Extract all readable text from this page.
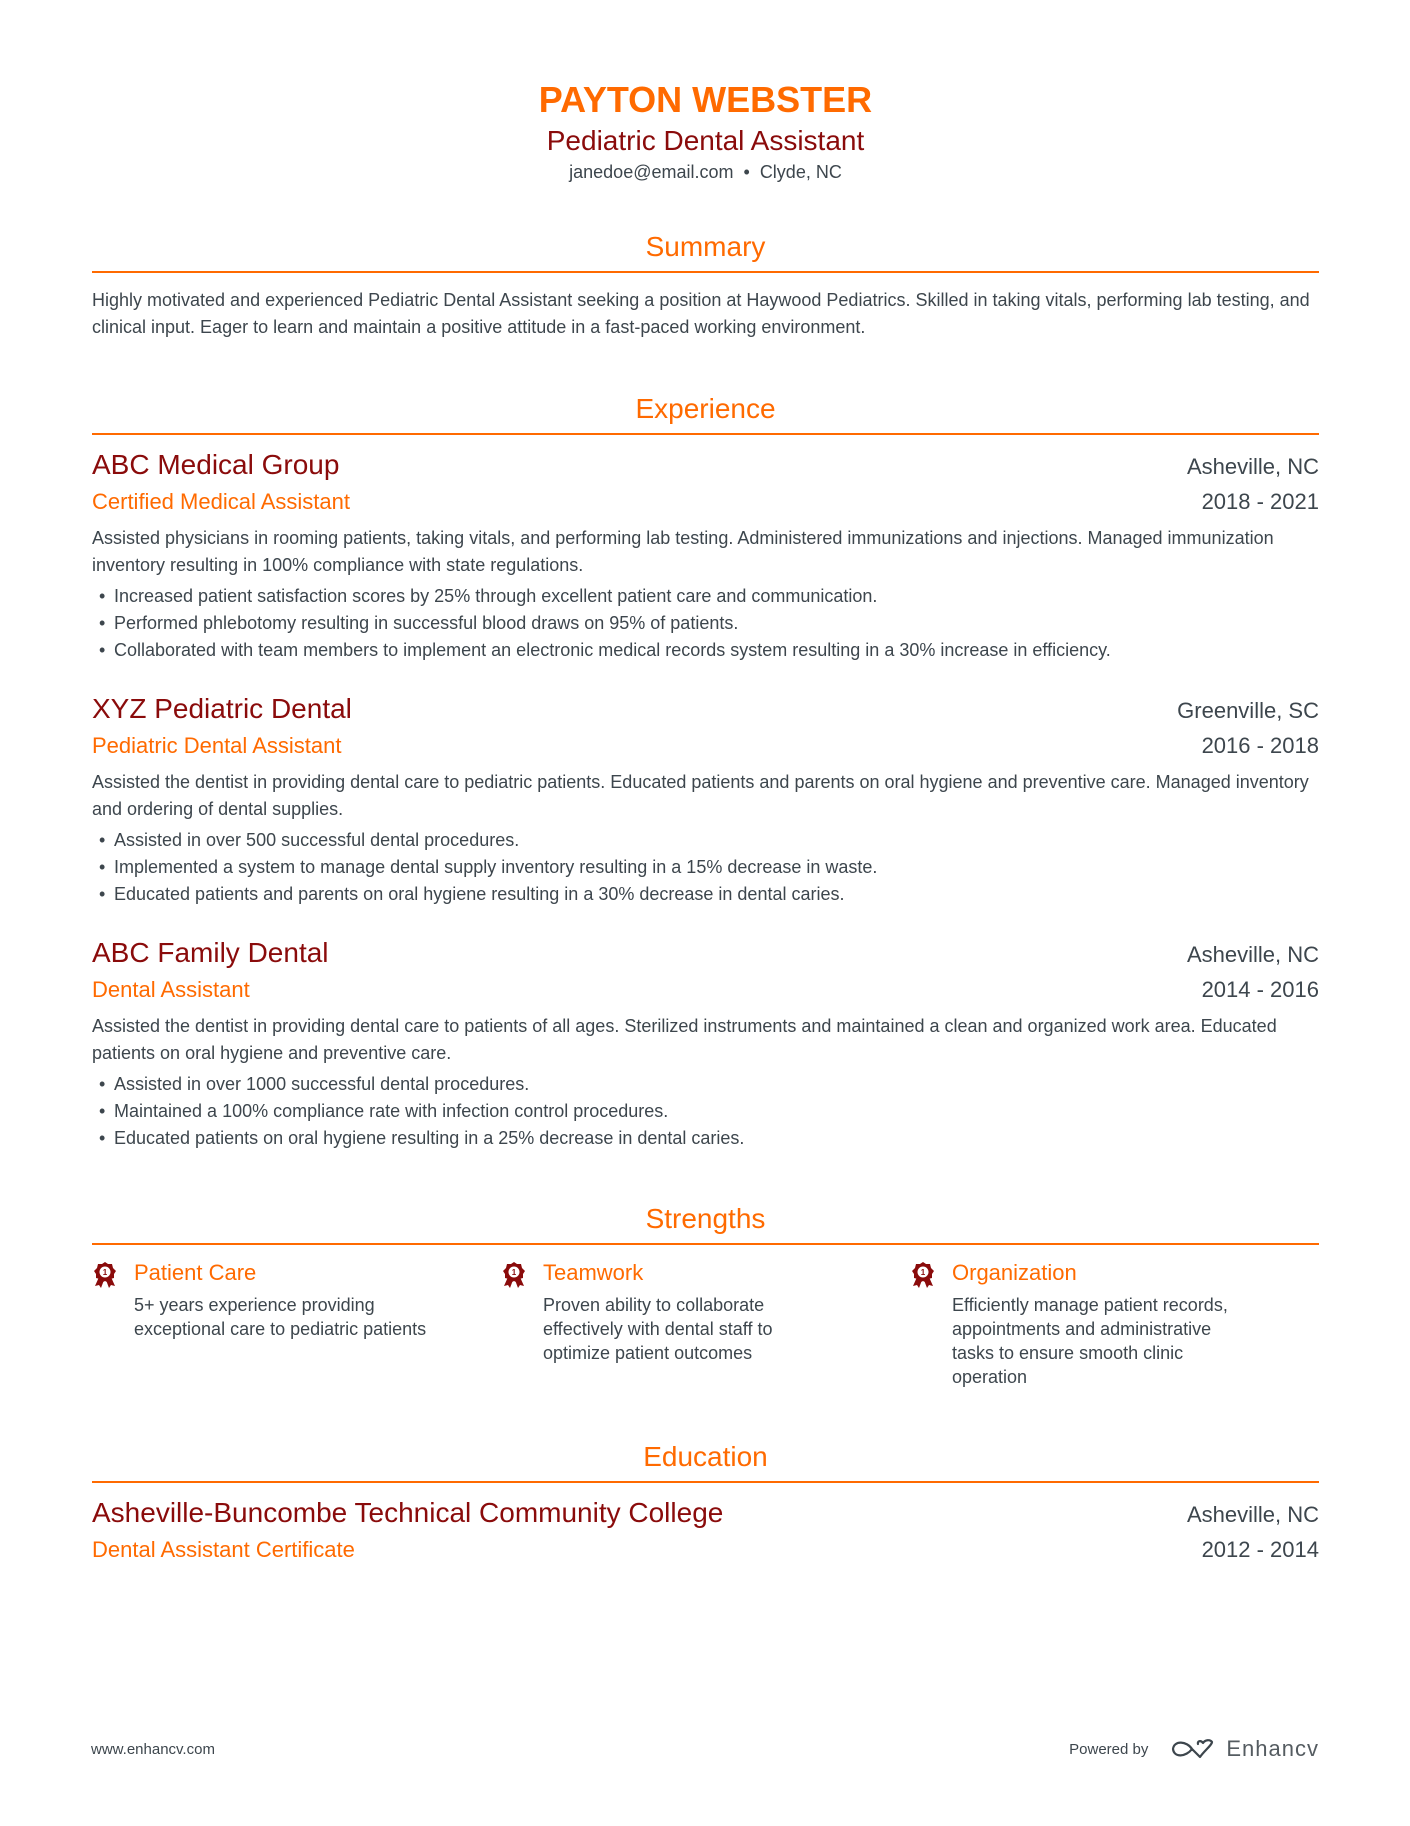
PAYTON WEBSTER
Pediatric Dental Assistant
janedoe@email.com • Clyde, NC
Summary
Highly motivated and experienced Pediatric Dental Assistant seeking a position at Haywood Pediatrics. Skilled in taking vitals, performing lab testing, and clinical input. Eager to learn and maintain a positive attitude in a fast-paced working environment.
Experience
ABC Medical Group	Asheville, NC
Certified Medical Assistant	2018 - 2021
Assisted physicians in rooming patients, taking vitals, and performing lab testing. Administered immunizations and injections. Managed immunization inventory resulting in 100% compliance with state regulations.
• Increased patient satisfaction scores by 25% through excellent patient care and communication.
• Performed phlebotomy resulting in successful blood draws on 95% of patients.
• Collaborated with team members to implement an electronic medical records system resulting in a 30% increase in efficiency.
XYZ Pediatric Dental	Greenville, SC
Pediatric Dental Assistant	2016 - 2018
Assisted the dentist in providing dental care to pediatric patients. Educated patients and parents on oral hygiene and preventive care. Managed inventory and ordering of dental supplies.
• Assisted in over 500 successful dental procedures.
• Implemented a system to manage dental supply inventory resulting in a 15% decrease in waste.
• Educated patients and parents on oral hygiene resulting in a 30% decrease in dental caries.
ABC Family Dental	Asheville, NC
Dental Assistant	2014 - 2016
Assisted the dentist in providing dental care to patients of all ages. Sterilized instruments and maintained a clean and organized work area. Educated patients on oral hygiene and preventive care.
• Assisted in over 1000 successful dental procedures.
• Maintained a 100% compliance rate with infection control procedures.
• Educated patients on oral hygiene resulting in a 25% decrease in dental caries.
Strengths
1 Patient Care
5+ years experience providing exceptional care to pediatric patients
1 Teamwork
Proven ability to collaborate effectively with dental staff to optimize patient outcomes
1 Organization
Efficiently manage patient records, appointments and administrative tasks to ensure smooth clinic operation
Education
Asheville-Buncombe Technical Community College	Asheville, NC
Dental Assistant Certificate	2012 - 2014
www.enhancv.com	Powered by	Enhancv
